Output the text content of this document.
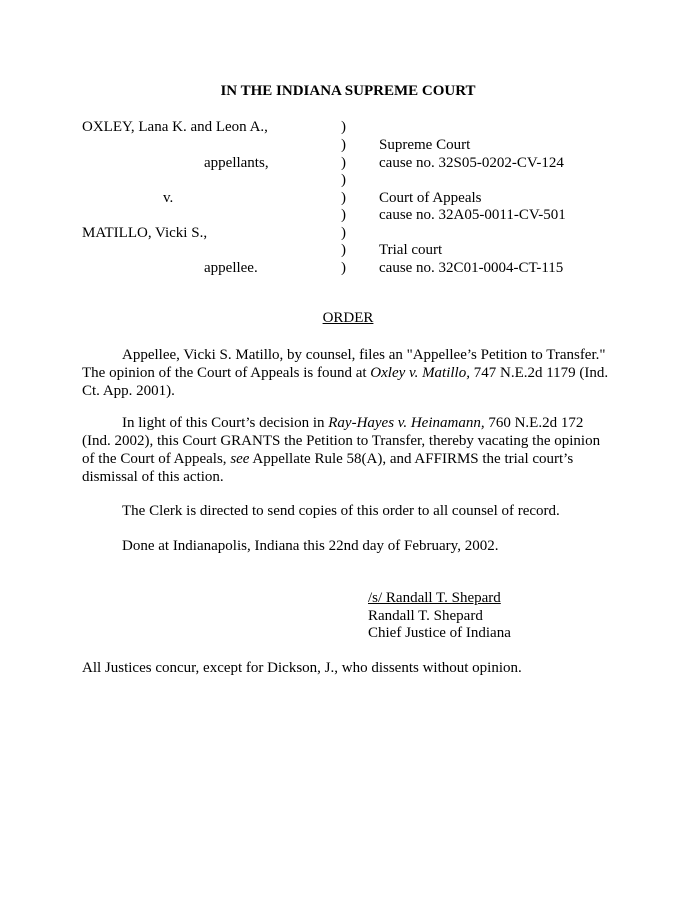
IN THE INDIANA SUPREME COURT
OXLEY, Lana K. and Leon A.,
appellants,
v.
MATILLO, Vicki S.,
appellee.
)
)
)
)
)
)
)
)
)
Supreme Court
cause no. 32S05-0202-CV-124
Court of Appeals
cause no. 32A05-0011-CV-501
Trial court
cause no. 32C01-0004-CT-115
ORDER
Appellee, Vicki S. Matillo, by counsel, files an "Appellee’s Petition to Transfer." The opinion of the Court of Appeals is found at Oxley v. Matillo, 747 N.E.2d 1179 (Ind. Ct. App. 2001).
In light of this Court’s decision in Ray-Hayes v. Heinamann, 760 N.E.2d 172 (Ind. 2002), this Court GRANTS the Petition to Transfer, thereby vacating the opinion of the Court of Appeals, see Appellate Rule 58(A), and AFFIRMS the trial court’s dismissal of this action.
The Clerk is directed to send copies of this order to all counsel of record.
Done at Indianapolis, Indiana this 22nd day of February, 2002.
/s/ Randall T. Shepard
Randall T. Shepard
Chief Justice of Indiana
All Justices concur, except for Dickson, J., who dissents without opinion.
